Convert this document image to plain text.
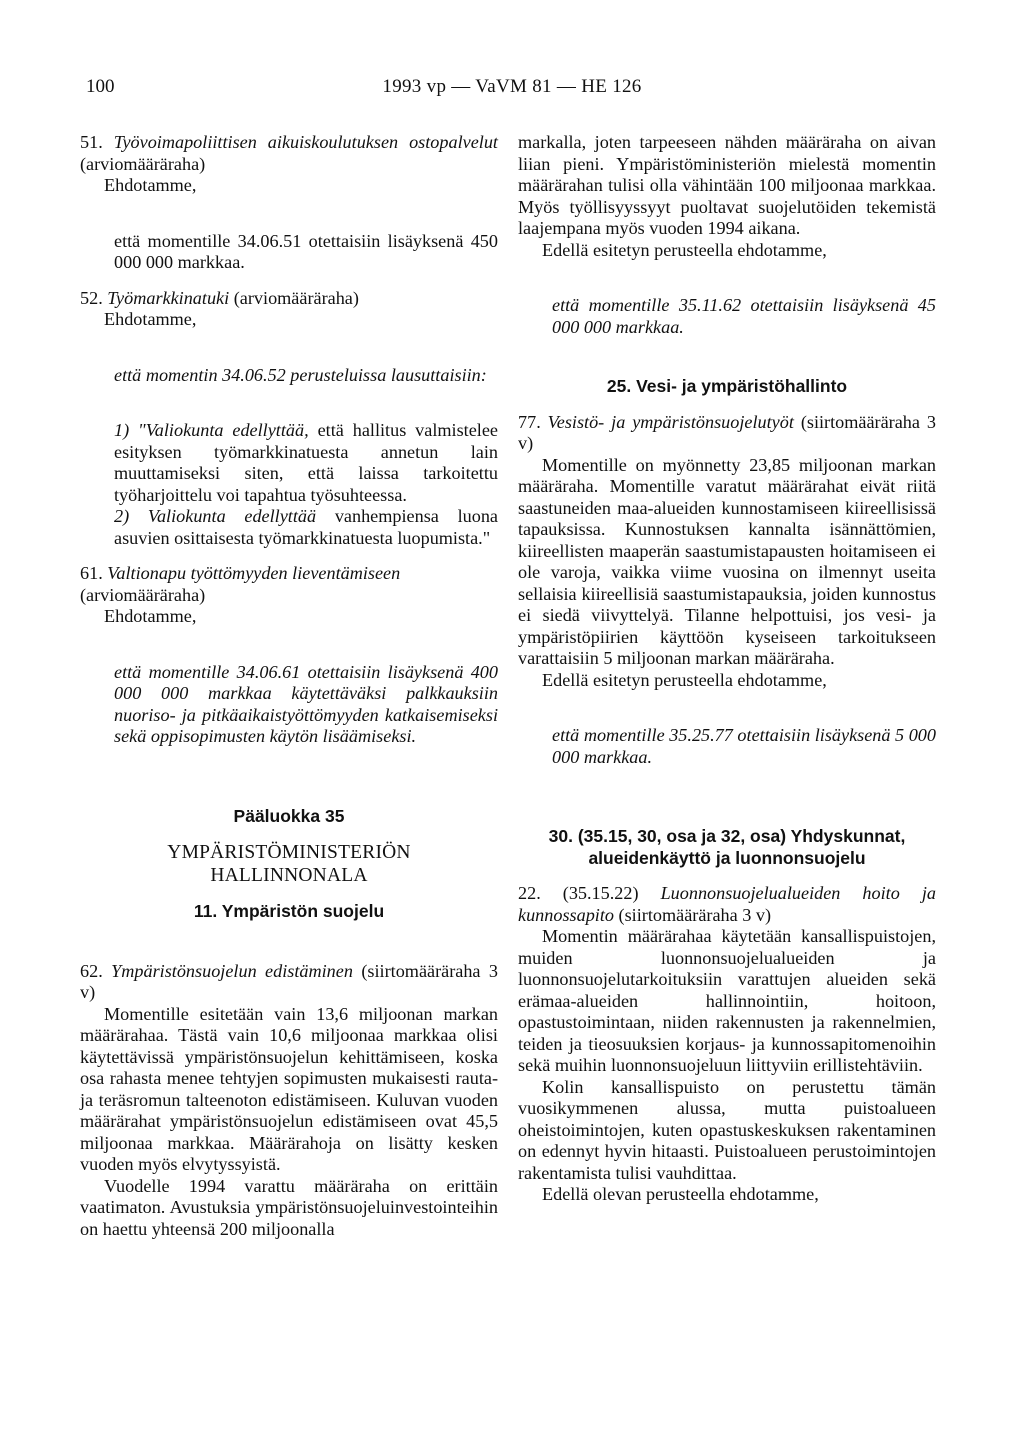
100	1993 vp — VaVM 81 — HE 126

51. Työvoimapoliittisen aikuiskoulutuksen ostopalvelut (arviomääräraha)

Ehdotamme,

että momentille 34.06.51 otettaisiin lisäyksenä 450 000 000 markkaa.

52. Työmarkkinatuki (arviomääräraha)

Ehdotamme,

että momentin 34.06.52 perusteluissa lausuttaisiin:

1) "Valiokunta edellyttää, että hallitus valmistelee esityksen työmarkkinatuesta annetun lain muuttamiseksi siten, että laissa tarkoitettu työharjoittelu voi tapahtua työsuhteessa.

2) Valiokunta edellyttää vanhempiensa luona asuvien osittaisesta työmarkkinatuesta luopumista."

61. Valtionapu työttömyyden lieventämiseen (arviomääräraha)

Ehdotamme,

että momentille 34.06.61 otettaisiin lisäyksenä 400 000 000 markkaa käytettäväksi palkkauksiin nuoriso- ja pitkäaikaistyöttömyyden katkaisemiseksi sekä oppisopimusten käytön lisäämiseksi.

Pääluokka 35

YMPÄRISTÖMINISTERIÖN HALLINNONALA

11. Ympäristön suojelu

62. Ympäristönsuojelun edistäminen (siirtomääräraha 3 v)

Momentille esitetään vain 13,6 miljoonan markan määrärahaa. Tästä vain 10,6 miljoonaa markkaa olisi käytettävissä ympäristönsuojelun kehittämiseen, koska osa rahasta menee tehtyjen sopimusten mukaisesti rauta- ja teräsromun talteenoton edistämiseen. Kuluvan vuoden määrärahat ympäristönsuojelun edistämiseen ovat 45,5 miljoonaa markkaa. Määrärahoja on lisätty kesken vuoden myös elvytyssyistä.

Vuodelle 1994 varattu määräraha on erittäin vaatimaton. Avustuksia ympäristönsuojeluinvestointeihin on haettu yhteensä 200 miljoonalla

markalla, joten tarpeeseen nähden määräraha on aivan liian pieni. Ympäristöministeriön mielestä momentin määrärahan tulisi olla vähintään 100 miljoonaa markkaa. Myös työllisyyssyyt puoltavat suojelutöiden tekemistä laajempana myös vuoden 1994 aikana.

Edellä esitetyn perusteella ehdotamme,

että momentille 35.11.62 otettaisiin lisäyksenä 45 000 000 markkaa.

25. Vesi- ja ympäristöhallinto

77. Vesistö- ja ympäristönsuojelutyöt (siirtomääräraha 3 v)

Momentille on myönnetty 23,85 miljoonan markan määräraha. Momentille varatut määrärahat eivät riitä saastuneiden maa-alueiden kunnostamiseen kiireellisissä tapauksissa. Kunnostuksen kannalta isännättömien, kiireellisten maaperän saastumistapausten hoitamiseen ei ole varoja, vaikka viime vuosina on ilmennyt useita sellaisia kiireellisiä saastumistapauksia, joiden kunnostus ei siedä viivyttelyä. Tilanne helpottuisi, jos vesi- ja ympäristöpiirien käyttöön kyseiseen tarkoitukseen varattaisiin 5 miljoonan markan määräraha.

Edellä esitetyn perusteella ehdotamme,

että momentille 35.25.77 otettaisiin lisäyksenä 5 000 000 markkaa.

30. (35.15, 30, osa ja 32, osa) Yhdyskunnat, alueidenkäyttö ja luonnonsuojelu

22. (35.15.22) Luonnonsuojelualueiden hoito ja kunnossapito (siirtomääräraha 3 v)

Momentin määrärahaa käytetään kansallispuistojen, muiden luonnonsuojelualueiden ja luonnonsuojelutarkoituksiin varattujen alueiden sekä erämaa-alueiden hallinnointiin, hoitoon, opastustoimintaan, niiden rakennusten ja rakennelmien, teiden ja tieosuuksien korjaus- ja kunnossapitomenoihin sekä muihin luonnonsuojeluun liittyviin erillistehtäviin.

Kolin kansallispuisto on perustettu tämän vuosikymmenen alussa, mutta puistoalueen oheistoimintojen, kuten opastuskeskuksen rakentaminen on edennyt hyvin hitaasti. Puistoalueen perustoimintojen rakentamista tulisi vauhdittaa.

Edellä olevan perusteella ehdotamme,
